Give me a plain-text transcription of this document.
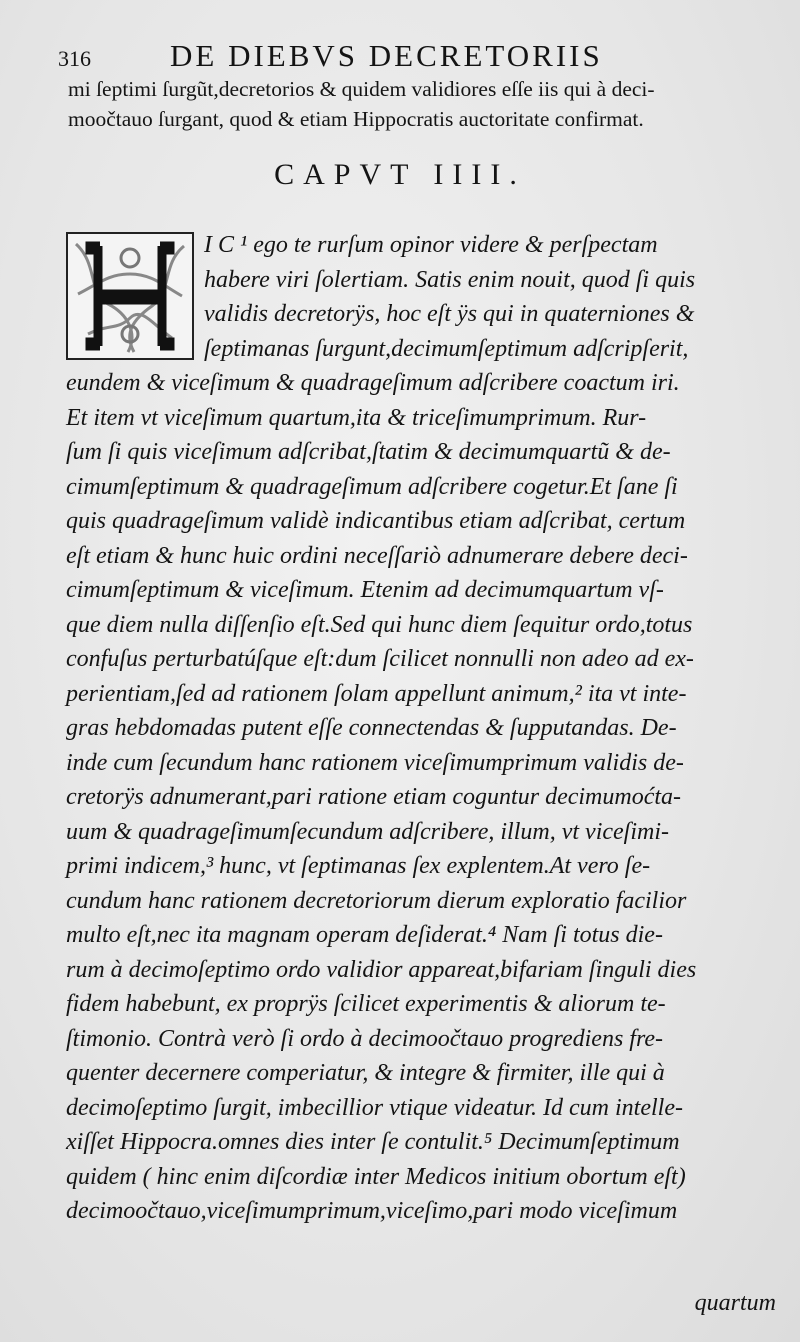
316	DE DIEBVS DECRETORIIS
mi ſeptimi ſurgũt,decretorios & quidem validiores eſſe iis qui à deci-
moočtauo ſurgant, quod & etiam Hippocratis auctoritate confirmat.
CAPVT IIII.
I C ¹ ego te rurſum opinor videre & perſpectam
habere viri ſolertiam. Satis enim nouit, quod ſi quis
validis decretorÿs, hoc eſt ÿs qui in quaterniones &
ſeptimanas ſurgunt,decimumſeptimum adſcripſerit,
eundem & viceſimum & quadrageſimum adſcribere coactum iri.
Et item vt viceſimum quartum,ita & triceſimumprimum. Rur-
ſum ſi quis viceſimum adſcribat,ſtatim & decimumquartũ & de-
cimumſeptimum & quadrageſimum adſcribere cogetur.Et ſane ſi
quis quadrageſimum validè indicantibus etiam adſcribat, certum
eſt etiam & hunc huic ordini neceſſariò adnumerare debere deci-
cimumſeptimum & viceſimum. Etenim ad decimumquartum vſ-
que diem nulla diſſenſio eſt.Sed qui hunc diem ſequitur ordo,totus
confuſus perturbatúſque eſt:dum ſcilicet nonnulli non adeo ad ex-
perientiam,ſed ad rationem ſolam appellunt animum,² ita vt inte-
gras hebdomadas putent eſſe connectendas & ſupputandas. De-
inde cum ſecundum hanc rationem viceſimumprimum validis de-
cretorÿs adnumerant,pari ratione etiam coguntur decimumoćta-
uum & quadrageſimumſecundum adſcribere, illum, vt viceſimi-
primi indicem,³ hunc, vt ſeptimanas ſex explentem.At vero ſe-
cundum hanc rationem decretoriorum dierum exploratio facilior
multo eſt,nec ita magnam operam deſiderat.⁴ Nam ſi totus die-
rum à decimoſeptimo ordo validior appareat,bifariam ſinguli dies
fidem habebunt, ex proprÿs ſcilicet experimentis & aliorum te-
ſtimonio. Contrà verò ſi ordo à decimoočtauo progrediens fre-
quenter decernere comperiatur, & integre & firmiter, ille qui à
decimoſeptimo ſurgit, imbecillior vtique videatur. Id cum intelle-
xiſſet Hippocra.omnes dies inter ſe contulit.⁵ Decimumſeptimum
quidem ( hinc enim diſcordiæ inter Medicos initium obortum eſt)
decimoočtauo,viceſimumprimum,viceſimo,pari modo viceſimum
quartum
